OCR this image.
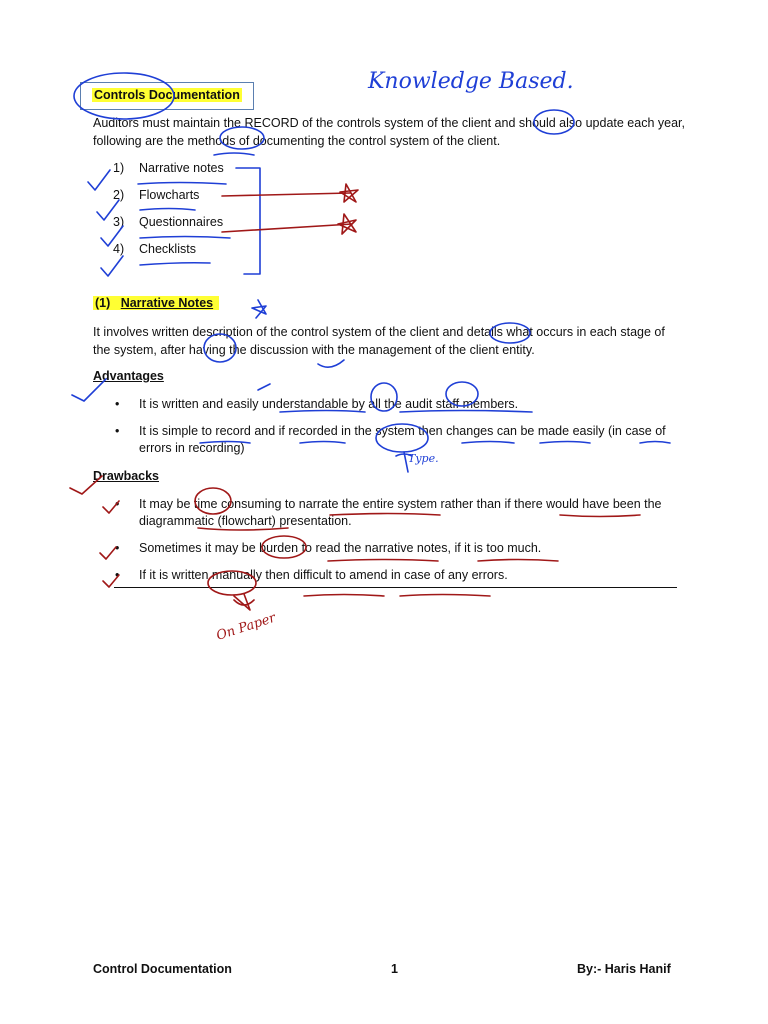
Controls Documentation
Auditors must maintain the RECORD of the controls system of the client and should also update each year, following are the methods of documenting the control system of the client.
1) Narrative notes
2) Flowcharts
3) Questionnaires
4) Checklists
(1) Narrative Notes
It involves written description of the control system of the client and details what occurs in each stage of the system, after having the discussion with the management of the client entity.
Advantages
• It is written and easily understandable by all the audit staff members.
• It is simple to record and if recorded in the system then changes can be made easily (in case of errors in recording)
Drawbacks
• It may be time consuming to narrate the entire system rather than if there would have been the diagrammatic (flowchart) presentation.
• Sometimes it may be burden to read the narrative notes, if it is too much.
• If it is written manually then difficult to amend in case of any errors.
Control Documentation	1	By:- Haris Hanif
Knowledge Based.
Type.
On Paper
